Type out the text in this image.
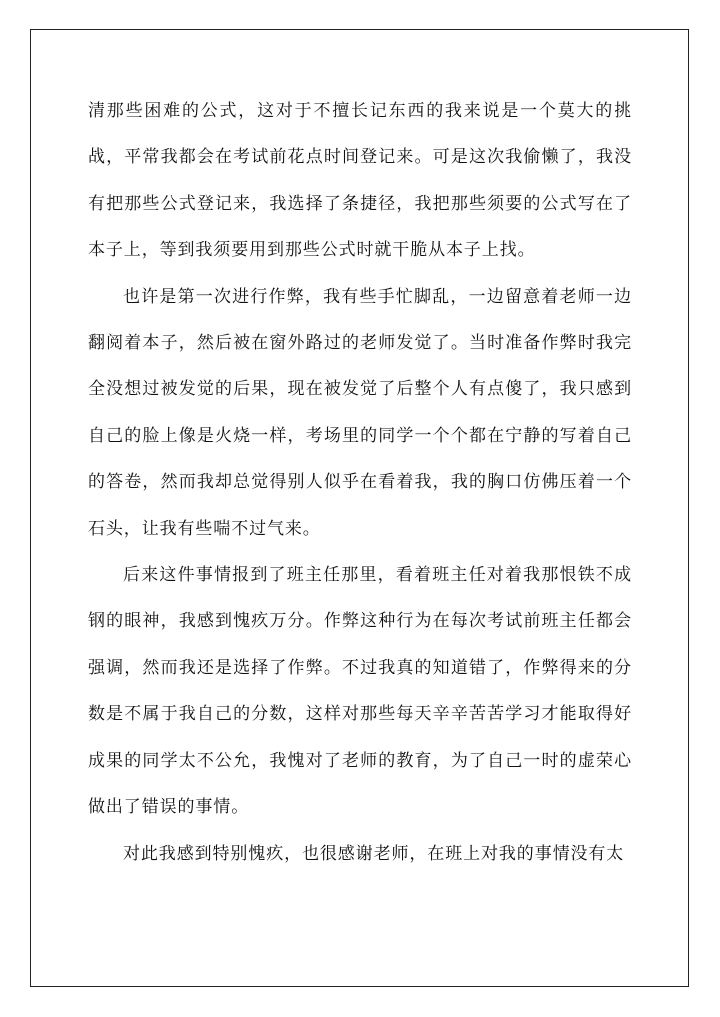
清那些困难的公式，这对于不擅长记东西的我来说是一个莫大的挑战，平常我都会在考试前花点时间登记来。可是这次我偷懒了，我没有把那些公式登记来，我选择了条捷径，我把那些须要的公式写在了本子上，等到我须要用到那些公式时就干脆从本子上找。

也许是第一次进行作弊，我有些手忙脚乱，一边留意着老师一边翻阅着本子，然后被在窗外路过的老师发觉了。当时准备作弊时我完全没想过被发觉的后果，现在被发觉了后整个人有点傻了，我只感到自己的脸上像是火烧一样，考场里的同学一个个都在宁静的写着自己的答卷，然而我却总觉得别人似乎在看着我，我的胸口仿佛压着一个石头，让我有些喘不过气来。

后来这件事情报到了班主任那里，看着班主任对着我那恨铁不成钢的眼神，我感到愧疚万分。作弊这种行为在每次考试前班主任都会强调，然而我还是选择了作弊。不过我真的知道错了，作弊得来的分数是不属于我自己的分数，这样对那些每天辛辛苦苦学习才能取得好成果的同学太不公允，我愧对了老师的教育，为了自己一时的虚荣心做出了错误的事情。

对此我感到特别愧疚，也很感谢老师，在班上对我的事情没有太
